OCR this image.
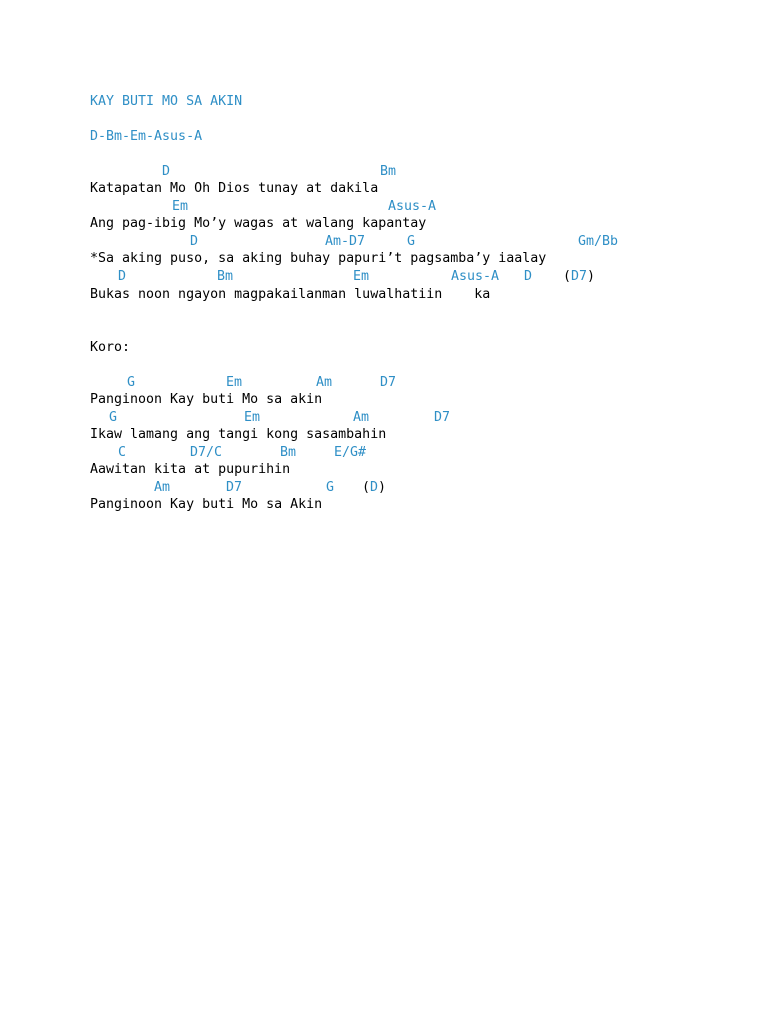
KAY BUTI MO SA AKIN
D-Bm-Em-Asus-A
D	Bm
Katapatan Mo Oh Dios tunay at dakila
Em	Asus-A
Ang pag-ibig Mo’y wagas at walang kapantay
D	Am-D7	G	Gm/Bb
*Sa aking puso, sa aking buhay papuri’t pagsamba’y iaalay
D	Bm	Em	Asus-A D (D7)
Bukas noon ngayon magpakailanman luwalhatiin    ka
Koro:
G	Em	Am	D7
Panginoon Kay buti Mo sa akin
G	Em	Am	D7
Ikaw lamang ang tangi kong sasambahin
C	D7/C	Bm	E/G#
Aawitan kita at pupurihin
Am	D7	G (D)
Panginoon Kay buti Mo sa Akin
